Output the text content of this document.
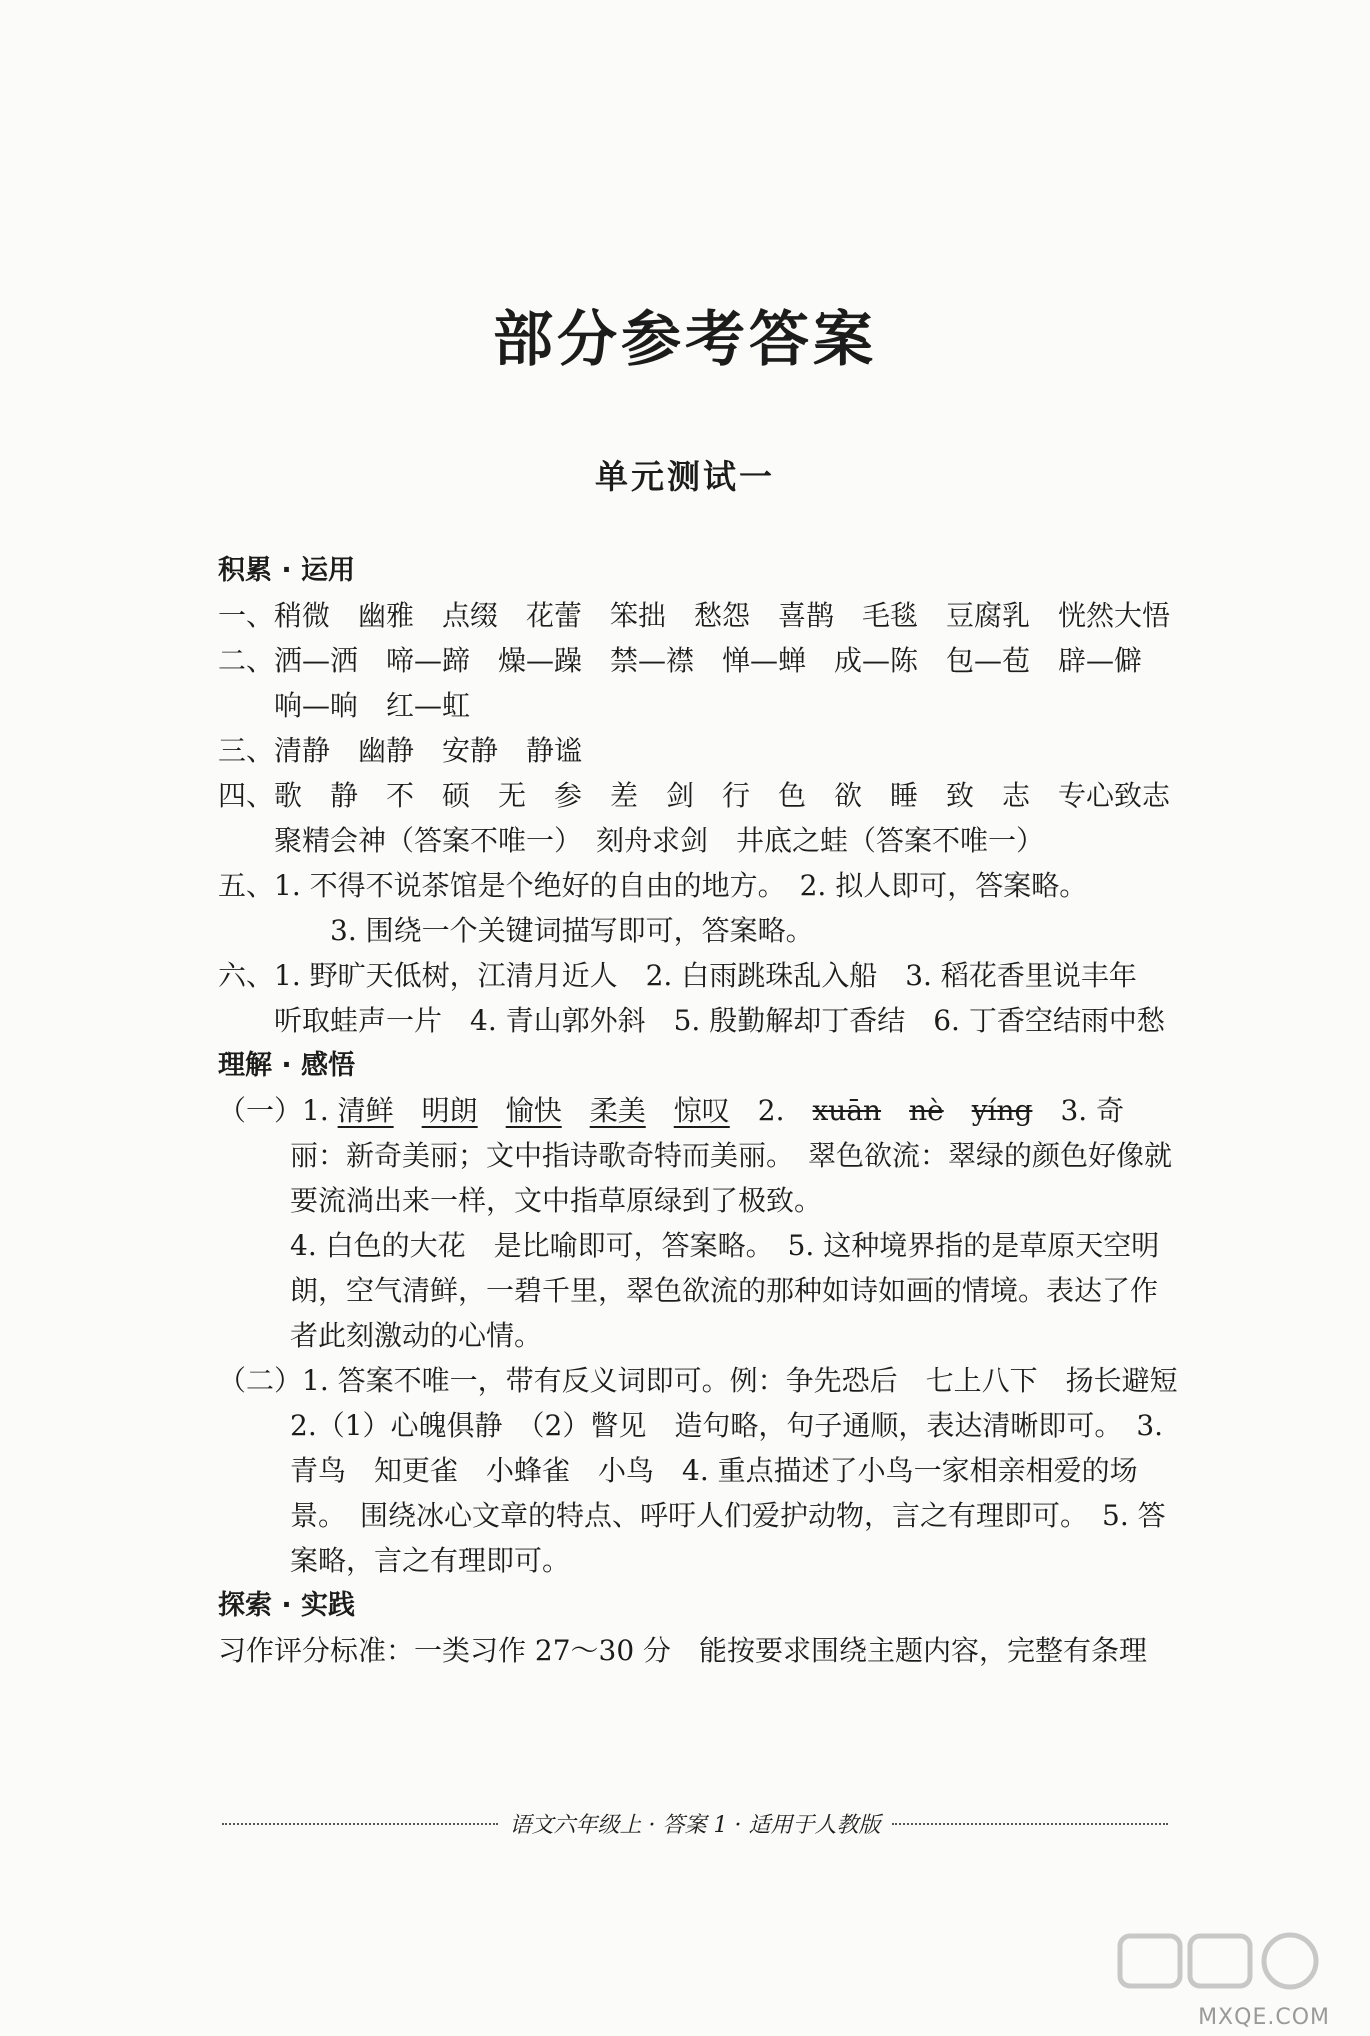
部分参考答案
单元测试一
积累 · 运用
一、稍微　幽雅　点缀　花蕾　笨拙　愁怨　喜鹊　毛毯　豆腐乳　恍然大悟
二、洒—洒　啼—蹄　燥—躁　禁—襟　惮—蝉　成—陈　包—苞　辟—僻　响—晌　红—虹
三、清静　幽静　安静　静谧
四、歌　静　不　硕　无　参　差　剑　行　色　欲　睡　致　志　专心致志　聚精会神（答案不唯一）　刻舟求剑　井底之蛙（答案不唯一）
五、1. 不得不说茶馆是个绝好的自由的地方。　2. 拟人即可，答案略。
　　3. 围绕一个关键词描写即可，答案略。
六、1. 野旷天低树，江清月近人　2. 白雨跳珠乱入船　3. 稻花香里说丰年　听取蛙声一片　4. 青山郭外斜　5. 殷勤解却丁香结　6. 丁香空结雨中愁
理解 · 感悟
（一）1. 清鲜　 明朗　 愉快　 柔美　 惊叹　 2.　 xuān　 nè　 yíng　 3. 奇丽：新奇美丽；文中指诗歌奇特而美丽。　翠色欲流：翠绿的颜色好像就要流淌出来一样，文中指草原绿到了极致。
4. 白色的大花　是比喻即可，答案略。　5. 这种境界指的是草原天空明朗，空气清鲜，一碧千里，翠色欲流的那种如诗如画的情境。表达了作者此刻激动的心情。
（二）1. 答案不唯一，带有反义词即可。例：争先恐后　七上八下　扬长避短　2.（1）心魄俱静　（2）瞥见　造句略，句子通顺，表达清晰即可。　3. 青鸟　知更雀　小蜂雀　小鸟　4. 重点描述了小鸟一家相亲相爱的场景。　围绕冰心文章的特点、呼吁人们爱护动物，言之有理即可。　5. 答案略，言之有理即可。
探索 · 实践
习作评分标准：一类习作 27～30 分　能按要求围绕主题内容，完整有条理
语文六年级上 · 答案 1 · 适用于人教版
MXQE.COM
